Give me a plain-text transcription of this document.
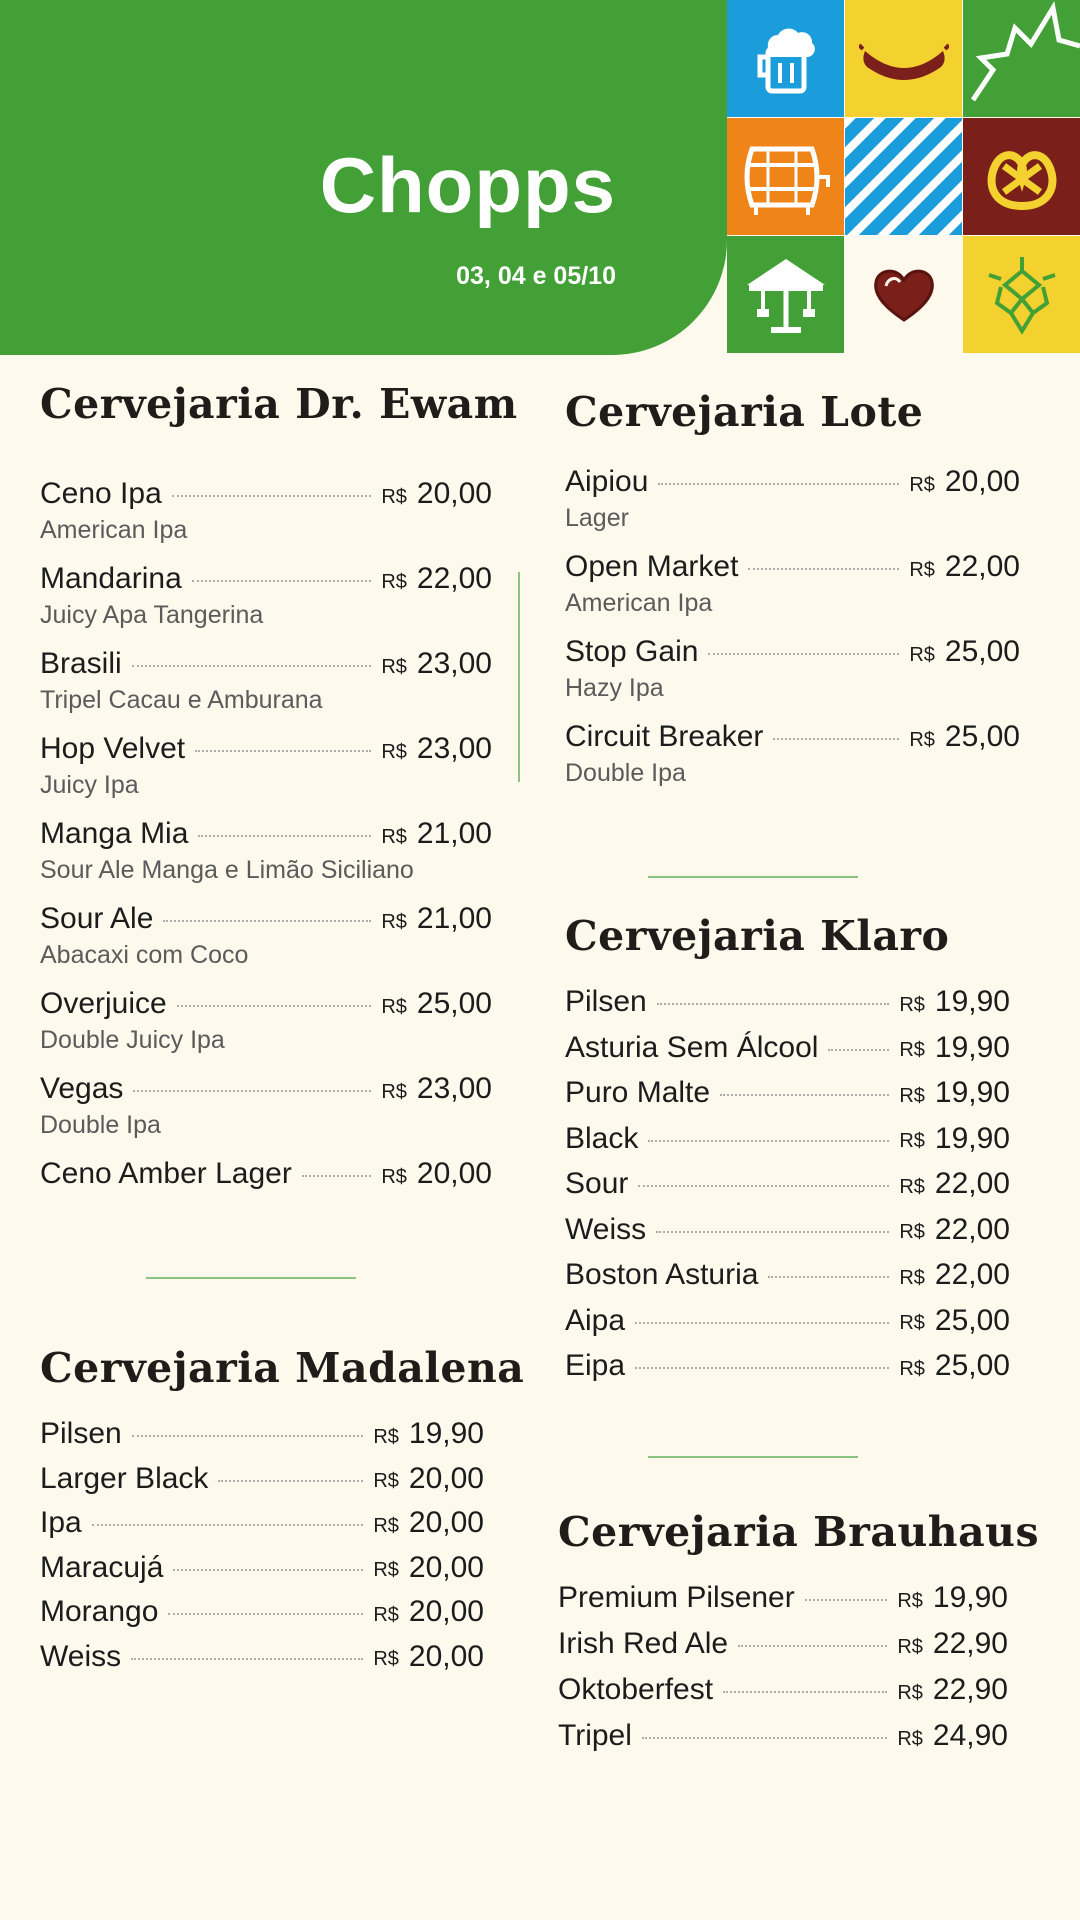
Chopps
03, 04 e 05/10
Cervejaria Dr. Ewam
Ceno Ipa	R$ 20,00
American Ipa
Mandarina	R$ 22,00
Juicy Apa Tangerina
Brasili	R$ 23,00
Tripel Cacau e Amburana
Hop Velvet	R$ 23,00
Juicy Ipa
Manga Mia	R$ 21,00
Sour Ale Manga e Limão Siciliano
Sour Ale	R$ 21,00
Abacaxi com Coco
Overjuice	R$ 25,00
Double Juicy Ipa
Vegas	R$ 23,00
Double Ipa
Ceno Amber Lager	R$ 20,00
Cervejaria Madalena
Pilsen	R$ 19,90
Larger Black	R$ 20,00
Ipa	R$ 20,00
Maracujá	R$ 20,00
Morango	R$ 20,00
Weiss	R$ 20,00
Cervejaria Lote
Aipiou	R$ 20,00
Lager
Open Market	R$ 22,00
American Ipa
Stop Gain	R$ 25,00
Hazy Ipa
Circuit Breaker	R$ 25,00
Double Ipa
Cervejaria Klaro
Pilsen	R$ 19,90
Asturia Sem Álcool	R$ 19,90
Puro Malte	R$ 19,90
Black	R$ 19,90
Sour	R$ 22,00
Weiss	R$ 22,00
Boston Asturia	R$ 22,00
Aipa	R$ 25,00
Eipa	R$ 25,00
Cervejaria Brauhaus
Premium Pilsener	R$ 19,90
Irish Red Ale	R$ 22,90
Oktoberfest	R$ 22,90
Tripel	R$ 24,90
